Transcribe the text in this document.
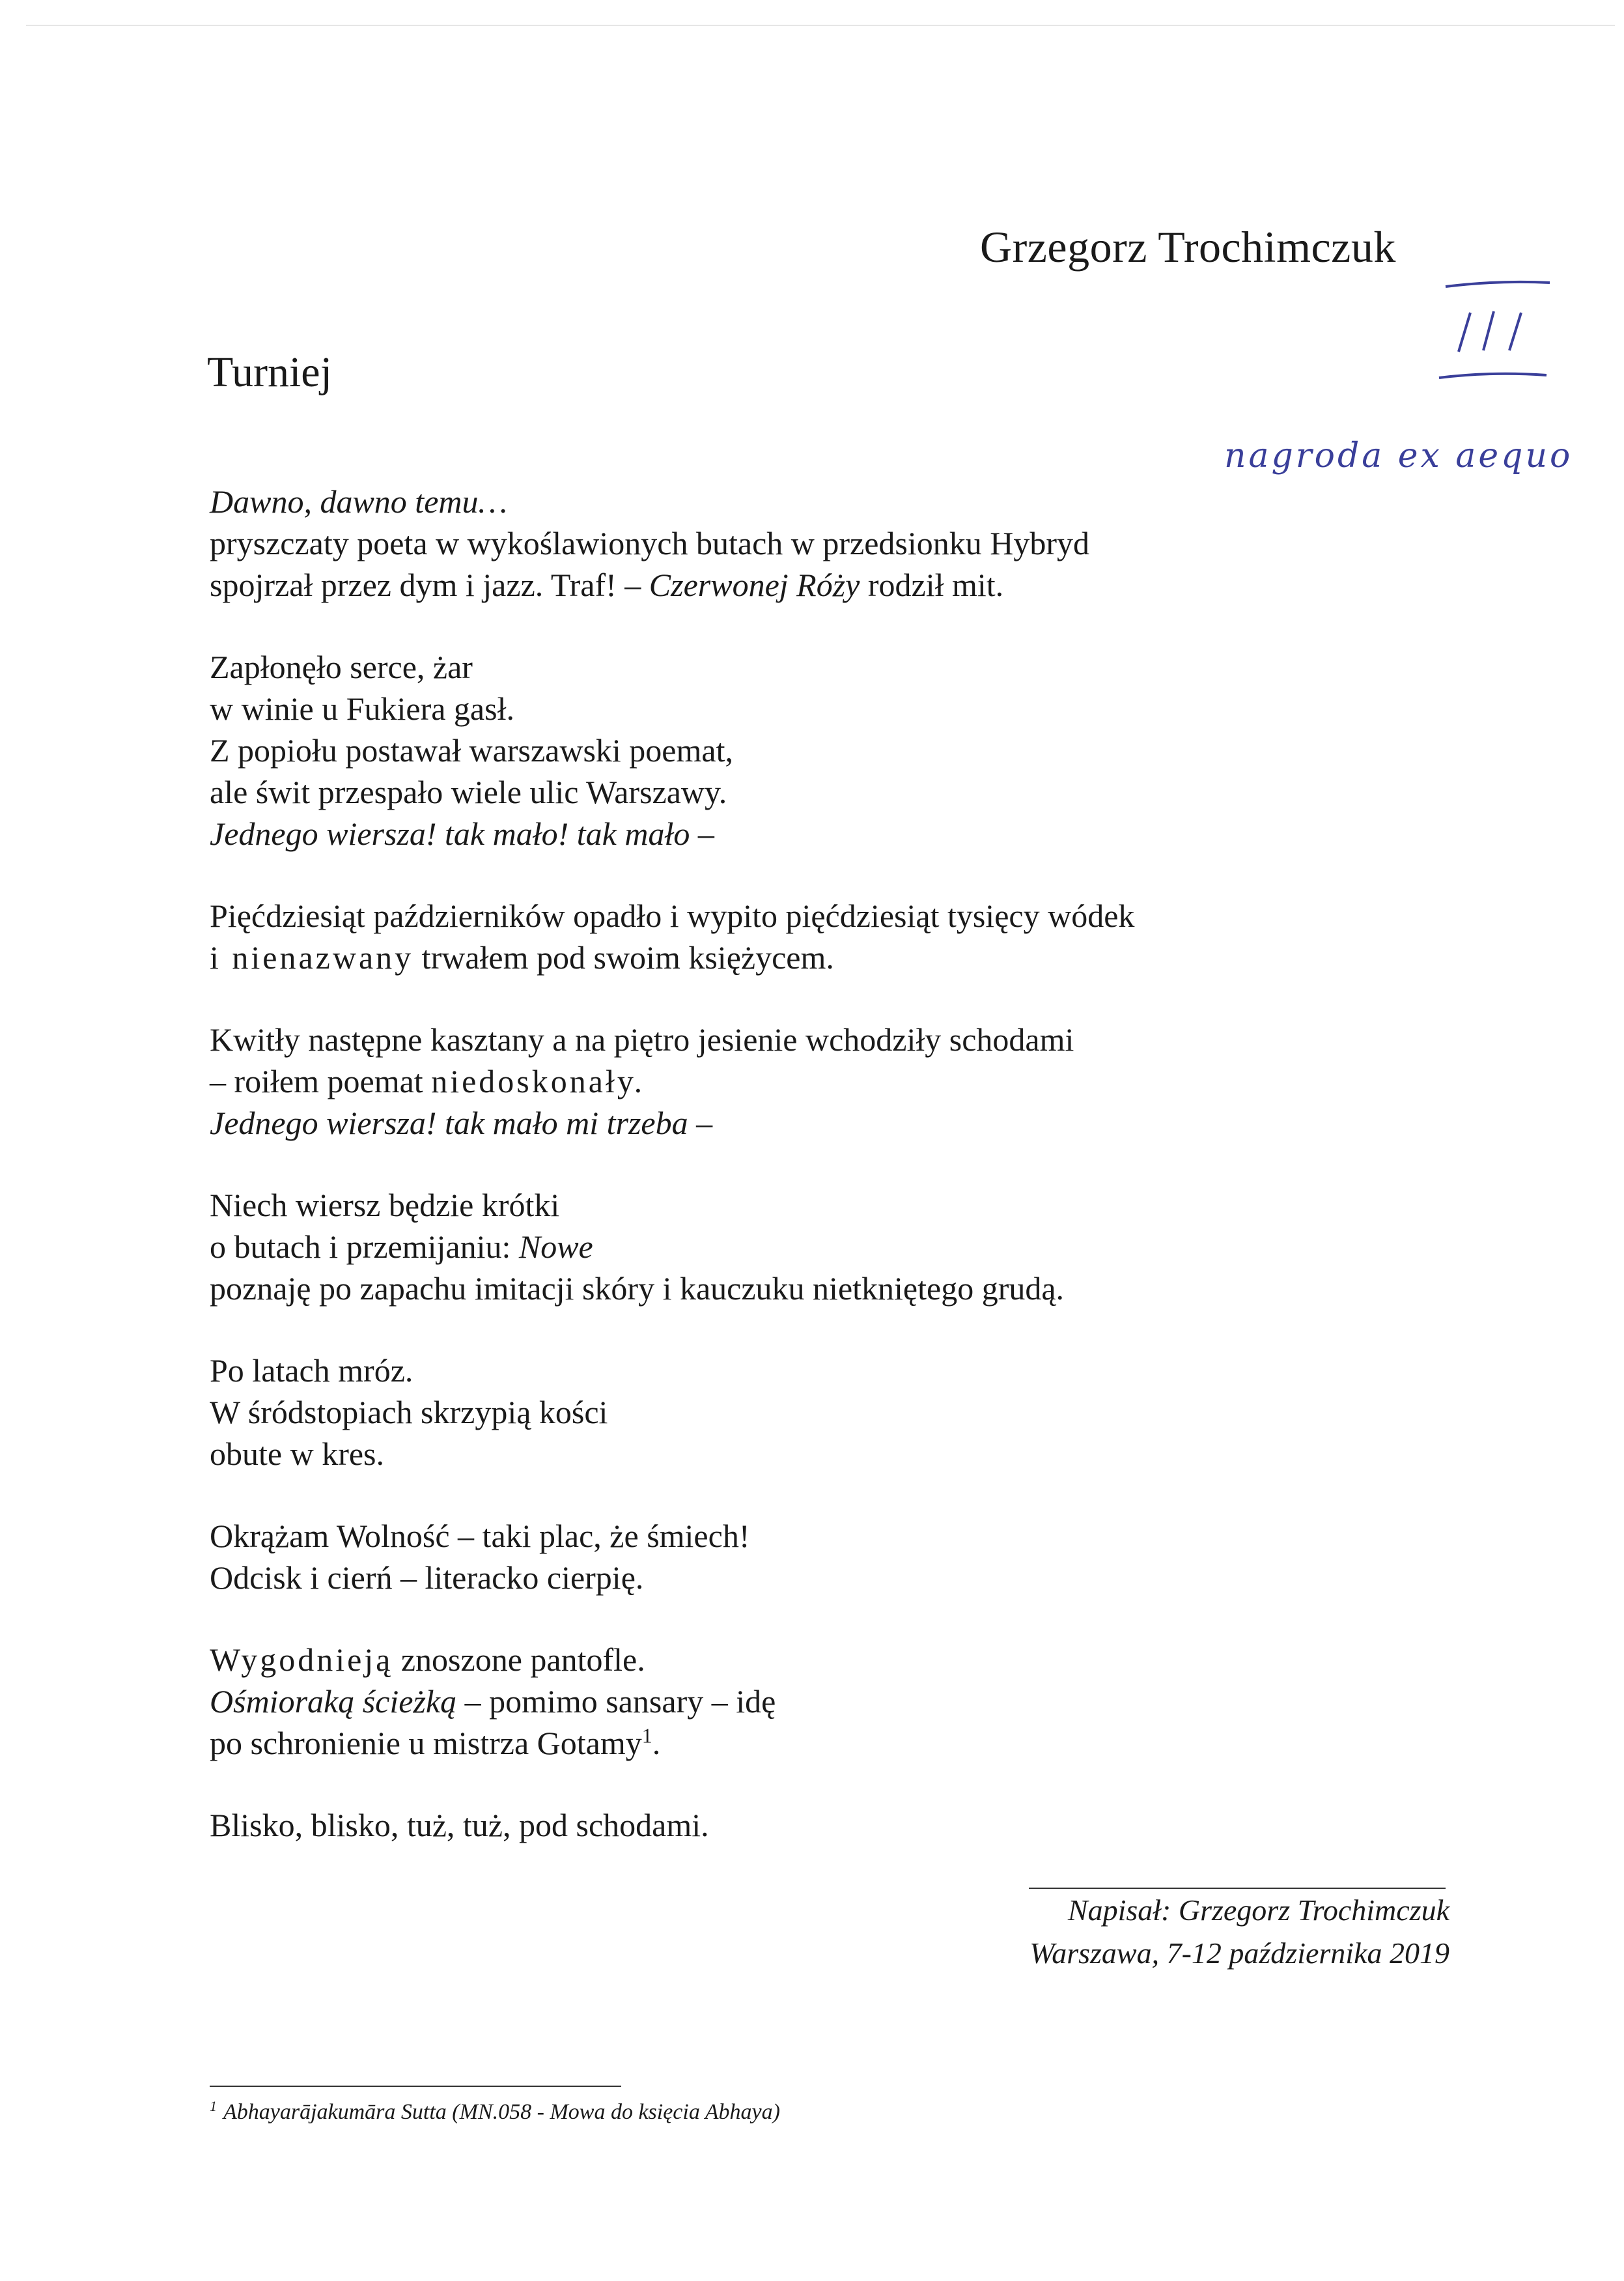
Grzegorz Trochimczuk
nagroda ex aequo
Turniej
Dawno, dawno temu…
pryszczaty poeta w wykoślawionych butach w przedsionku Hybryd
spojrzał przez dym i jazz. Traf! – Czerwonej Róży rodził mit.
Zapłonęło serce, żar
w winie u Fukiera gasł.
Z popiołu postawał warszawski poemat,
ale świt przespało wiele ulic Warszawy.
Jednego wiersza! tak mało! tak mało –
Pięćdziesiąt październików opadło i wypito pięćdziesiąt tysięcy wódek
i nienazwany trwałem pod swoim księżycem.
Kwitły następne kasztany a na piętro jesienie wchodziły schodami
– roiłem poemat niedoskonały.
Jednego wiersza! tak mało mi trzeba –
Niech wiersz będzie krótki
o butach i przemijaniu: Nowe
poznaję po zapachu imitacji skóry i kauczuku nietkniętego grudą.
Po latach mróz.
W śródstopiach skrzypią kości
obute w kres.
Okrążam Wolność – taki plac, że śmiech!
Odcisk i cierń – literacko cierpię.
Wygodnieją znoszone pantofle.
Ośmioraką ścieżką – pomimo sansary – idę
po schronienie u mistrza Gotamy$^1$.
Blisko, blisko, tuż, tuż, pod schodami.
Napisał: Grzegorz Trochimczuk
Warszawa, 7-12 października 2019
$^1$ Abhayarājakumāra Sutta (MN.058 - Mowa do księcia Abhaya)
